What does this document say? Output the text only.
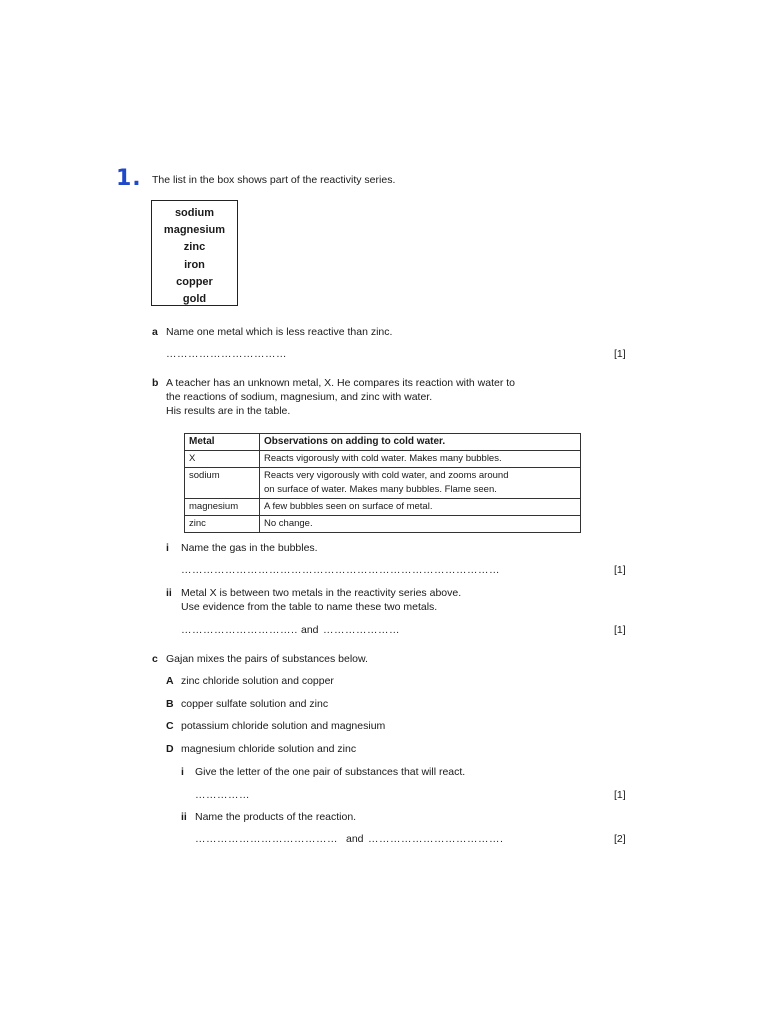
1. The list in the box shows part of the reactivity series.
sodium
magnesium
zinc
iron
copper
gold
a Name one metal which is less reactive than zinc.
……………………………	[1]
b A teacher has an unknown metal, X. He compares its reaction with water to
the reactions of sodium, magnesium, and zinc with water.
His results are in the table.
Metal	Observations on adding to cold water.
X	Reacts vigorously with cold water. Makes many bubbles.
sodium	Reacts very vigorously with cold water, and zooms around
on surface of water. Makes many bubbles. Flame seen.

magnesium	A few bubbles seen on surface of metal.
zinc	No change.
i Name the gas in the bubbles.
……………………………………………………………………………	[1]
ii Metal X is between two metals in the reactivity series above.
Use evidence from the table to name these two metals.
………………………….. and …………………	[1]
c Gajan mixes the pairs of substances below.
A zinc chloride solution and copper
B copper sulfate solution and zinc
C potassium chloride solution and magnesium
D magnesium chloride solution and zinc
i Give the letter of the one pair of substances that will react.
……………	[1]
ii Name the products of the reaction.
………………………………… and ……………………………….	[2]
